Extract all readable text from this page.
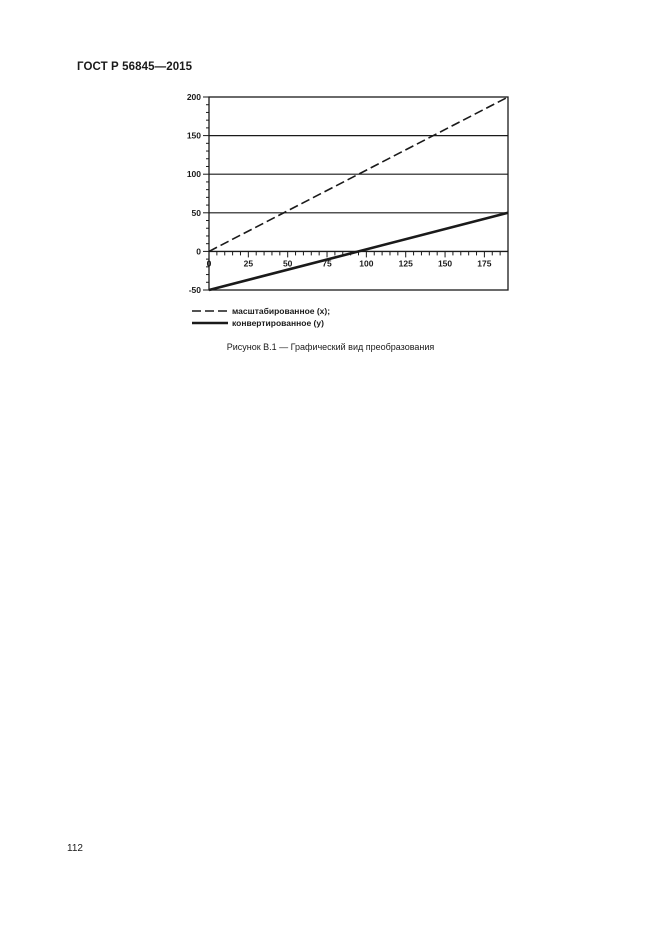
ГОСТ Р 56845—2015
-50
0
50
100
150
200
0	25	50	75	100	125	150	175
масштабированное (x);
конвертированное (y)
Рисунок В.1 — Графический вид преобразования
112
